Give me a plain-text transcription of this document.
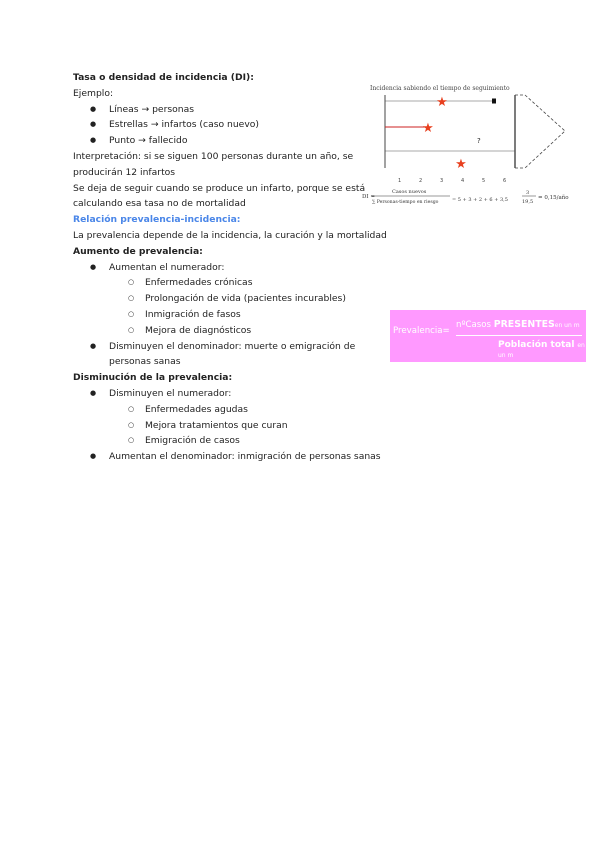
Tasa o densidad de incidencia (DI):

Ejemplo:

● Líneas → personas
● Estrellas → infartos (caso nuevo)
● Punto → fallecido

Interpretación: si se siguen 100 personas durante un año, se producirán 12 infartos

Se deja de seguir cuando se produce un infarto, porque se está calculando esa tasa no de mortalidad

Relación prevalencia-incidencia:

La prevalencia depende de la incidencia, la curación y la mortalidad

Aumento de prevalencia:

● Aumentan el numerador:
○ Enfermedades crónicas
○ Prolongación de vida (pacientes incurables)
○ Inmigración de fasos
○ Mejora de diagnósticos
● Disminuyen el denominador: muerte o emigración de personas sanas

Disminución de la prevalencia:

● Disminuyen el numerador:
○ Enfermedades agudas
○ Mejora tratamientos que curan
○ Emigración de casos
● Aumentan el denominador: inmigración de personas sanas
Incidencia sabiendo el tiempo de seguimiento
★
★
?
★
1	2	3	4	5	6
DI =
Casos nuevos
∑ Personas-tiempo en riesgo	= 5 + 3 + 2 + 6 + 3,5
3
19,5
= 0,15/año
Prevalencia=
nºCasos PRESENTESen un m
Población total en un m
